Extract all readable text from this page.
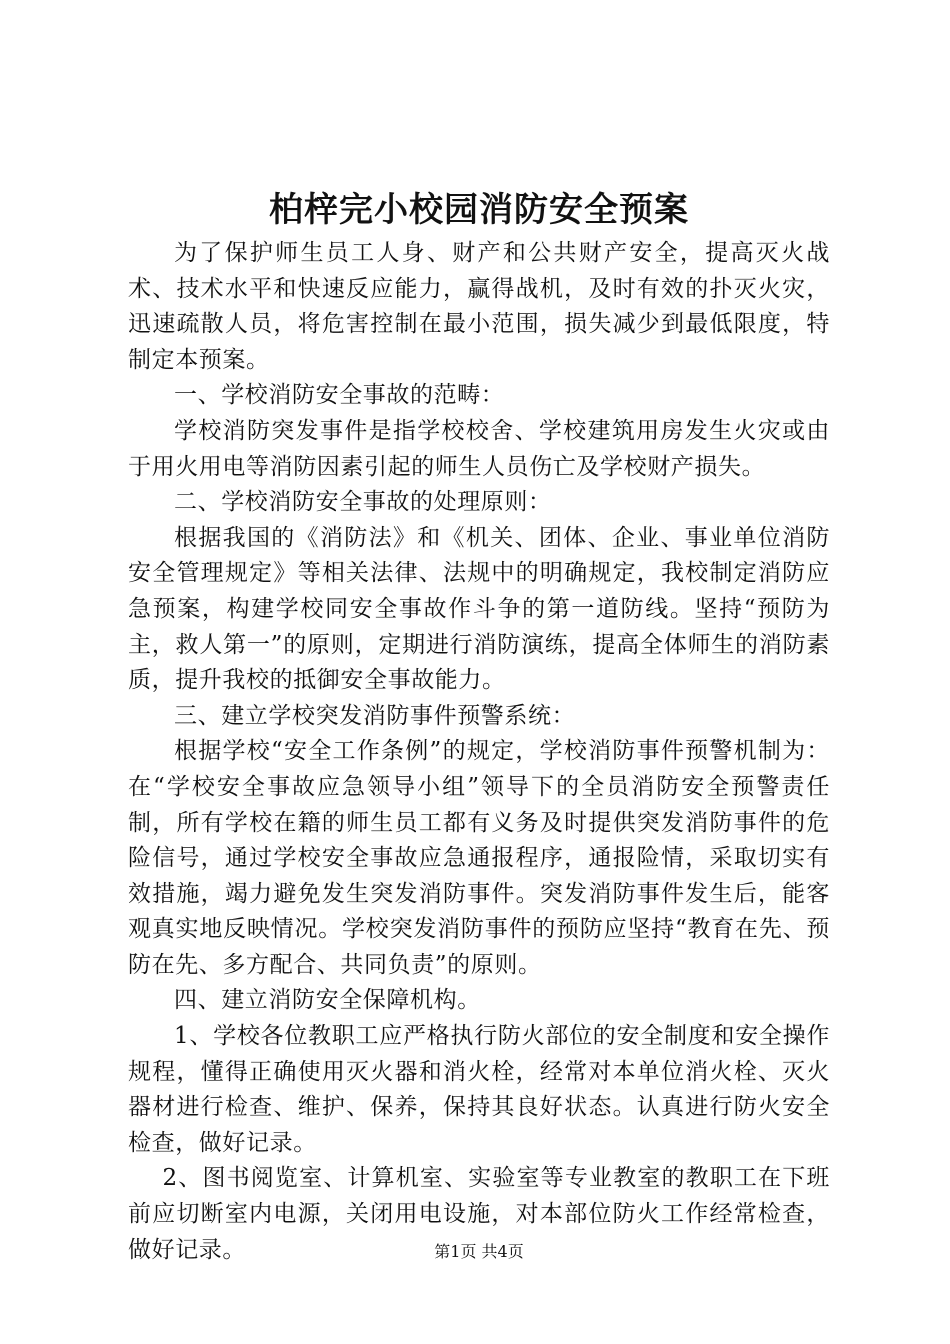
柏梓完小校园消防安全预案

为了保护师生员工人身、财产和公共财产安全，提高灭火战术、技术水平和快速反应能力，赢得战机，及时有效的扑灭火灾，迅速疏散人员，将危害控制在最小范围，损失减少到最低限度，特制定本预案。

一、学校消防安全事故的范畴：

学校消防突发事件是指学校校舍、学校建筑用房发生火灾或由于用火用电等消防因素引起的师生人员伤亡及学校财产损失。

二、学校消防安全事故的处理原则：

根据我国的《消防法》和《机关、团体、企业、事业单位消防安全管理规定》等相关法律、法规中的明确规定，我校制定消防应急预案，构建学校同安全事故作斗争的第一道防线。坚持“预防为主，救人第一”的原则，定期进行消防演练，提高全体师生的消防素质，提升我校的抵御安全事故能力。

三、建立学校突发消防事件预警系统：

根据学校“安全工作条例”的规定，学校消防事件预警机制为：在“学校安全事故应急领导小组”领导下的全员消防安全预警责任制，所有学校在籍的师生员工都有义务及时提供突发消防事件的危险信号，通过学校安全事故应急通报程序，通报险情，采取切实有效措施，竭力避免发生突发消防事件。突发消防事件发生后，能客观真实地反映情况。学校突发消防事件的预防应坚持“教育在先、预防在先、多方配合、共同负责”的原则。

四、建立消防安全保障机构。

1、学校各位教职工应严格执行防火部位的安全制度和安全操作规程，懂得正确使用灭火器和消火栓，经常对本单位消火栓、灭火器材进行检查、维护、保养，保持其良好状态。认真进行防火安全检查，做好记录。

2、图书阅览室、计算机室、实验室等专业教室的教职工在下班前应切断室内电源，关闭用电设施，对本部位防火工作经常检查，做好记录。	第1页 共4页
